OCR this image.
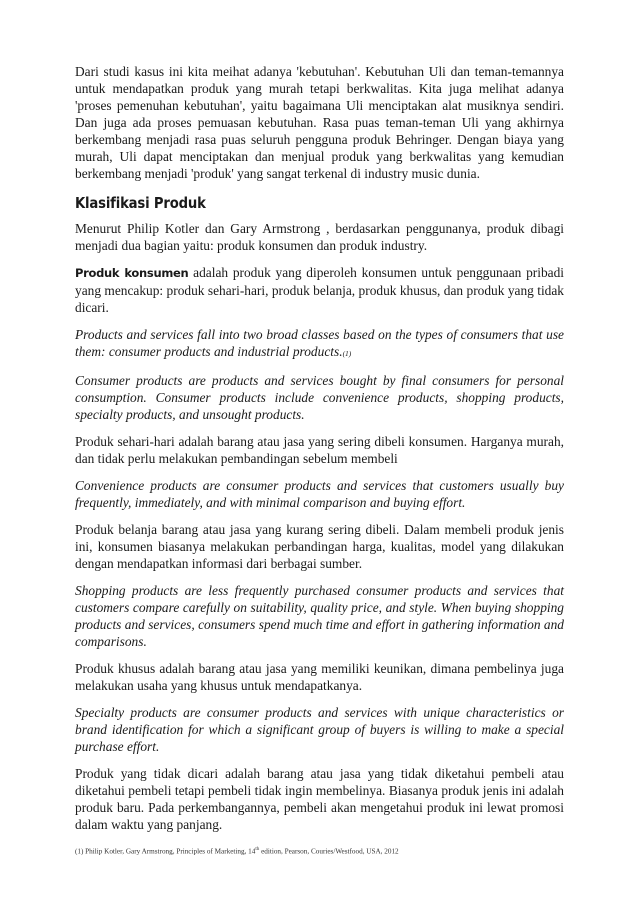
Dari studi kasus ini kita meihat adanya 'kebutuhan'. Kebutuhan Uli dan teman-temannya untuk mendapatkan produk yang murah tetapi berkwalitas. Kita juga melihat adanya 'proses pemenuhan kebutuhan', yaitu bagaimana Uli menciptakan alat musiknya sendiri. Dan juga ada proses pemuasan kebutuhan. Rasa puas teman-teman Uli yang akhirnya berkembang menjadi rasa puas seluruh pengguna produk Behringer. Dengan biaya yang murah, Uli dapat menciptakan dan menjual produk yang berkwalitas yang kemudian berkembang menjadi 'produk' yang sangat terkenal di industry music dunia.

Klasifikasi Produk

Menurut Philip Kotler dan Gary Armstrong , berdasarkan penggunanya, produk dibagi menjadi dua bagian yaitu: produk konsumen dan produk industry.

Produk konsumen adalah produk yang diperoleh konsumen untuk penggunaan pribadi yang mencakup: produk sehari-hari, produk belanja, produk khusus, dan produk yang tidak dicari.

Products and services fall into two broad classes based on the types of consumers that use them: consumer products and industrial products.(1)

Consumer products are products and services bought by final consumers for personal consumption. Consumer products include convenience products, shopping products, specialty products, and unsought products.

Produk sehari-hari adalah barang atau jasa yang sering dibeli konsumen. Harganya murah, dan tidak perlu melakukan pembandingan sebelum membeli

Convenience products are consumer products and services that customers usually buy frequently, immediately, and with minimal comparison and buying effort.

Produk belanja barang atau jasa yang kurang sering dibeli. Dalam membeli produk jenis ini, konsumen biasanya melakukan perbandingan harga, kualitas, model yang dilakukan dengan mendapatkan informasi dari berbagai sumber.

Shopping products are less frequently purchased consumer products and services that customers compare carefully on suitability, quality price, and style. When buying shopping products and services, consumers spend much time and effort in gathering information and comparisons.

Produk khusus adalah barang atau jasa yang memiliki keunikan, dimana pembelinya juga melakukan usaha yang khusus untuk mendapatkanya.

Specialty products are consumer products and services with unique characteristics or brand identification for which a significant group of buyers is willing to make a special purchase effort.

Produk yang tidak dicari adalah barang atau jasa yang tidak diketahui pembeli atau diketahui pembeli tetapi pembeli tidak ingin membelinya. Biasanya produk jenis ini adalah produk baru. Pada perkembangannya, pembeli akan mengetahui produk ini lewat promosi dalam waktu yang panjang.

(1) Philip Kotler, Gary Armstrong, Principles of Marketing, 14th edition, Pearson, Couries/Westfood, USA, 2012
